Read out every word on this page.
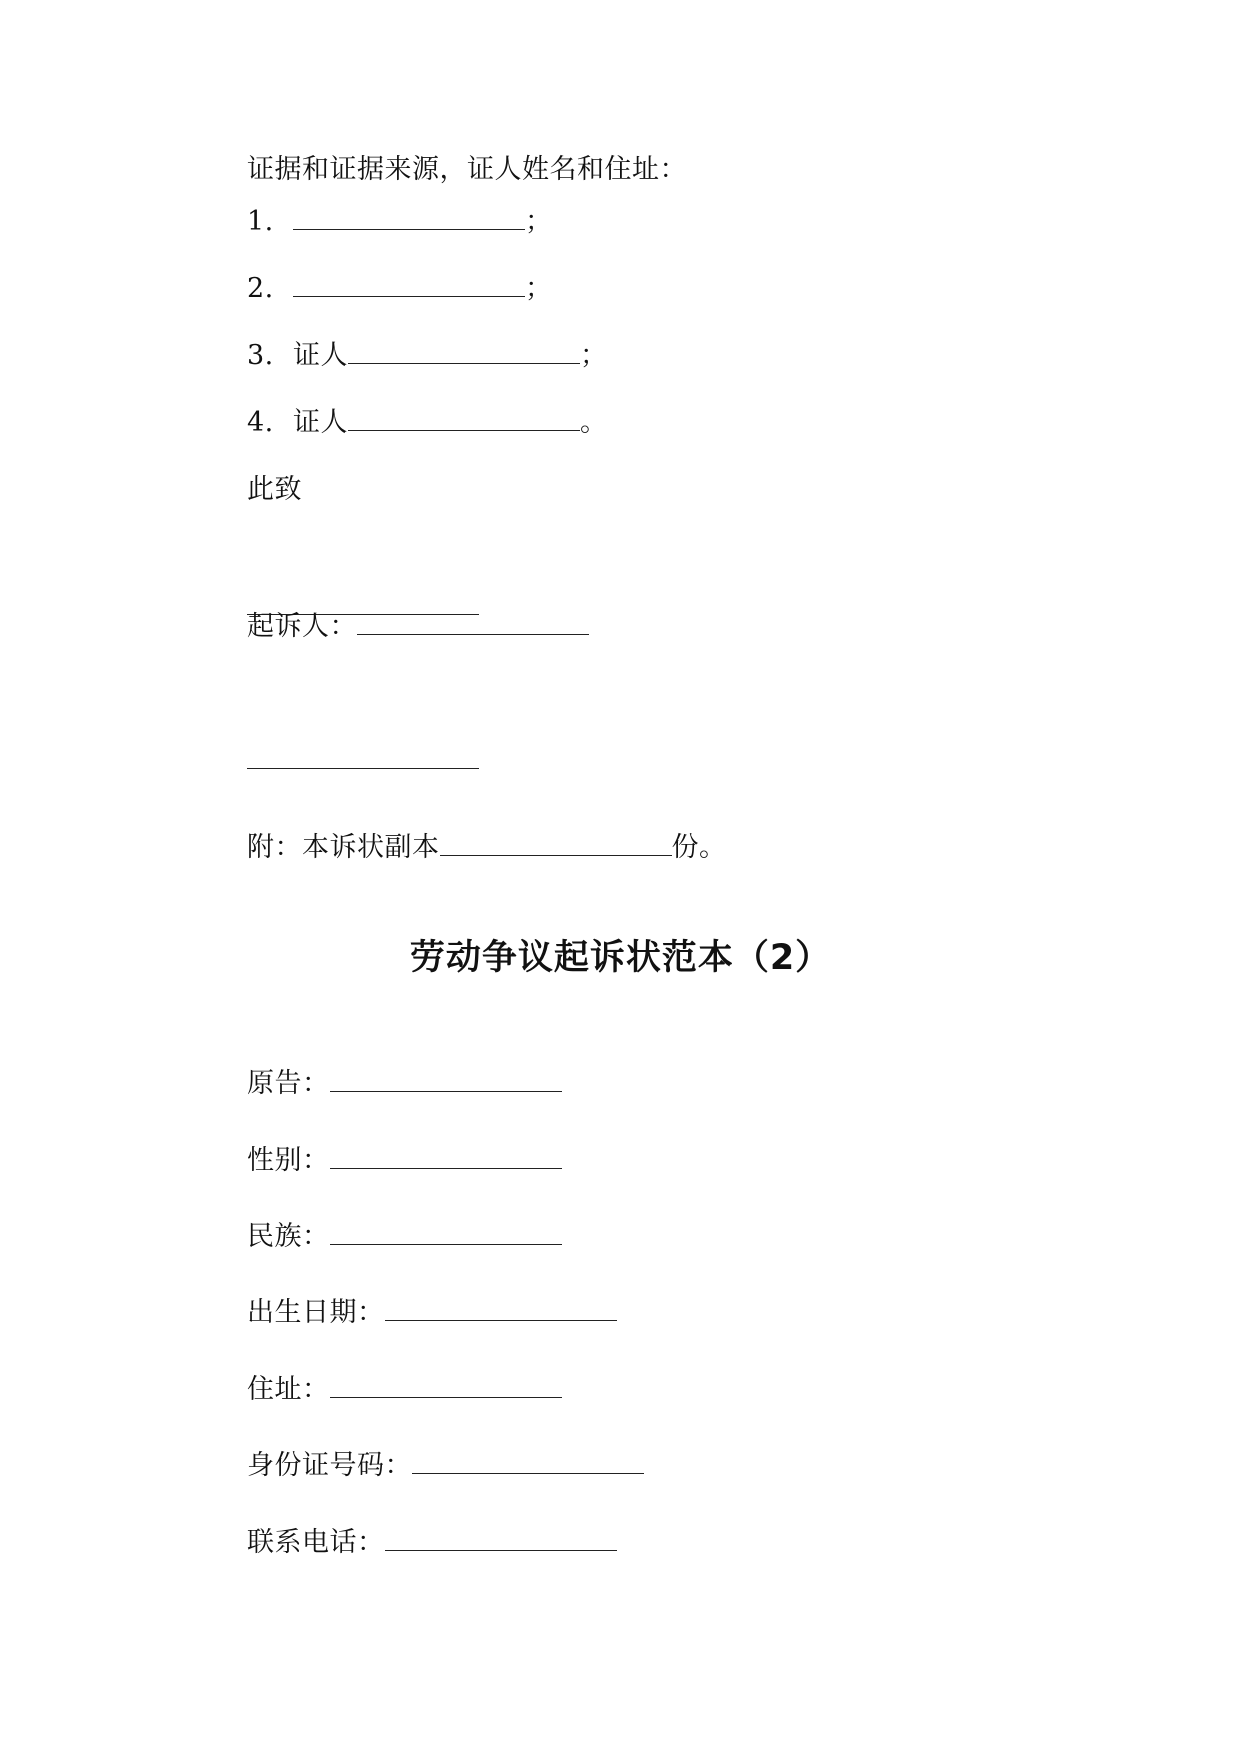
证据和证据来源，证人姓名和住址：
1.	；
2.	；
3. 证人	；
4. 证人	。
此致
起诉人：
附：本诉状副本	份。
劳动争议起诉状范本（2）
原告：
性别：
民族：
出生日期：
住址：
身份证号码：
联系电话：
